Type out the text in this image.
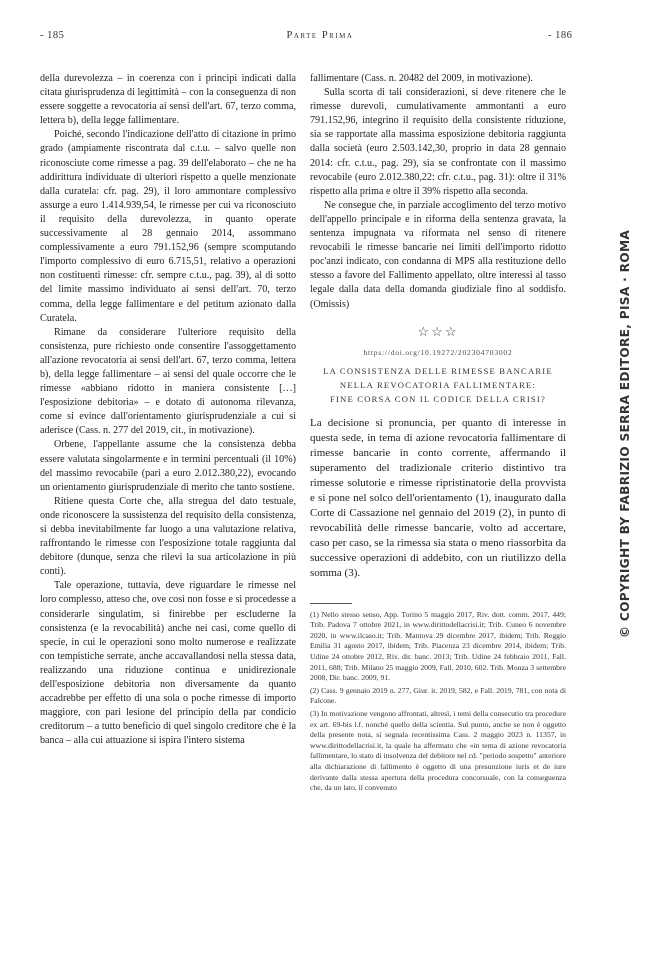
- 185	Parte Prima	- 186

della durevolezza – in coerenza con i principi indicati dalla citata giurisprudenza di legittimità – con la conseguenza di non essere soggette a revocatoria ai sensi dell'art. 67, terzo comma, lettera b), della legge fallimentare.

Poiché, secondo l'indicazione dell'atto di citazione in primo grado (ampiamente riscontrata dal c.t.u. – salvo quelle non riconosciute come rimesse a pag. 39 dell'elaborato – che ne ha addirittura individuate di ulteriori rispetto a quelle menzionate dalla curatela: cfr. pag. 29), il loro ammontare complessivo assurge a euro 1.414.939,54, le rimesse per cui va riconosciuto il requisito della durevolezza, in quanto operate successivamente al 28 gennaio 2014, assommano complessivamente a euro 791.152,96 (sempre scomputando l'importo complessivo di euro 6.715,51, relativo a operazioni non costituenti rimesse: cfr. sempre c.t.u., pag. 39), al di sotto del limite massimo individuato ai sensi dell'art. 70, terzo comma, della legge fallimentare e del petitum azionato dalla Curatela.

Rimane da considerare l'ulteriore requisito della consistenza, pure richiesto onde consentire l'assoggettamento all'azione revocatoria ai sensi dell'art. 67, terzo comma, lettera b), della legge fallimentare – ai sensi del quale occorre che le rimesse «abbiano ridotto in maniera consistente […] l'esposizione debitoria» – e dotato di autonoma rilevanza, come si evince dall'orientamento giurisprudenziale a cui si aderisce (Cass. n. 277 del 2019, cit., in motivazione).

Orbene, l'appellante assume che la consistenza debba essere valutata singolarmente e in termini percentuali (il 10%) del massimo revocabile (pari a euro 2.012.380,22), evocando un orientamento giurisprudenziale di merito che tanto sostiene.

Ritiene questa Corte che, alla stregua del dato testuale, onde riconoscere la sussistenza del requisito della consistenza, si debba inevitabilmente far luogo a una valutazione relativa, raffrontando le rimesse con l'esposizione totale raggiunta dal debitore (dunque, senza che rilevi la sua articolazione in più conti).

Tale operazione, tuttavia, deve riguardare le rimesse nel loro complesso, atteso che, ove così non fosse e si procedesse a considerarle singulatim, si finirebbe per escluderne la consistenza (e la revocabilità) anche nei casi, come quello di specie, in cui le operazioni sono molto numerose e realizzate con tempistiche serrate, anche accavallandosi nella stessa data, realizzando una riduzione continua e unidirezionale dell'esposizione debitoria non diversamente da quanto accadrebbe per effetto di una sola o poche rimesse di importo maggiore, con pari lesione del principio della par condicio creditorum – a tutto beneficio di quel singolo creditore che è la banca – alla cui attuazione si ispira l'intero sistema

fallimentare (Cass. n. 20482 del 2009, in motivazione).

Sulla scorta di tali considerazioni, si deve ritenere che le rimesse durevoli, cumulativamente ammontanti a euro 791.152,96, integrino il requisito della consistente riduzione, sia se rapportate alla massima esposizione debitoria raggiunta dalla società (euro 2.503.142,30, proprio in data 28 gennaio 2014: cfr. c.t.u., pag. 29), sia se confrontate con il massimo revocabile (euro 2.012.380,22: cfr. c.t.u., pag. 31): oltre il 31% rispetto alla prima e oltre il 39% rispetto alla seconda.

Ne consegue che, in parziale accoglimento del terzo motivo dell'appello principale e in riforma della sentenza gravata, la sentenza impugnata va riformata nel senso di ritenere revocabili le rimesse bancarie nei limiti dell'importo ridotto poc'anzi indicato, con condanna di MPS alla restituzione dello stesso a favore del Fallimento appellato, oltre interessi al tasso legale dalla data della domanda giudiziale fino al soddisfo. (Omissis)

☆☆☆
https://doi.org/10.19272/202304703002
LA CONSISTENZA DELLE RIMESSE BANCARIE
NELLA REVOCATORIA FALLIMENTARE:
FINE CORSA CON IL CODICE DELLA CRISI?

La decisione si pronuncia, per quanto di interesse in questa sede, in tema di azione revocatoria fallimentare di rimesse bancarie in conto corrente, affermando il superamento del tradizionale criterio distintivo tra rimesse solutorie e rimesse ripristinatorie della provvista e si pone nel solco dell'orientamento (1), inaugurato dalla Corte di Cassazione nel gennaio del 2019 (2), in punto di revocabilità delle rimesse bancarie, volto ad accertare, caso per caso, se la rimessa sia stata o meno riassorbita da successive operazioni di addebito, con un riutilizzo della somma (3).

(1) Nello stesso senso, App. Torino 5 maggio 2017, Riv. dott. comm. 2017, 449; Trib. Padova 7 ottobre 2021, in www.dirittodellacrisi.it; Trib. Cuneo 6 novembre 2020, in www.ilcaso.it; Trib. Mantova 29 dicembre 2017, ibidem; Trib. Reggio Emilia 31 agosto 2017, ibidem; Trib. Piacenza 23 dicembre 2014, ibidem; Trib. Udine 24 ottobre 2012, Riv. dir. banc. 2013; Trib. Udine 24 febbraio 2011, Fall. 2011, 688; Trib. Milano 25 maggio 2009, Fall. 2010, 602. Trib. Monza 3 settembre 2008, Dir. banc. 2009, 91.

(2) Cass. 9 gennaio 2019 n. 277, Giur. it. 2019, 582, e Fall. 2019, 781, con nota di Falcone.

(3) In motivazione vengono affrontati, altresì, i temi della consecutio tra procedure ex art. 69-bis l.f. nonché quello della scientia. Sul punto, anche se non è oggetto della presente nota, si segnala recentissima Cass. 2 maggio 2023 n. 11357, in www.dirittodellacrisi.it, la quale ha affermato che «in tema di azione revocatoria fallimentare, lo stato di insolvenza del debitore nel cd. "periodo sospetto" anteriore alla dichiarazione di fallimento è oggetto di una presunzione iuris et de iure derivante dalla stessa apertura della procedura concorsuale, con la conseguenza che, da un lato, il convenuto

© COPYRIGHT BY FABRIZIO SERRA EDITORE, PISA · ROMA
